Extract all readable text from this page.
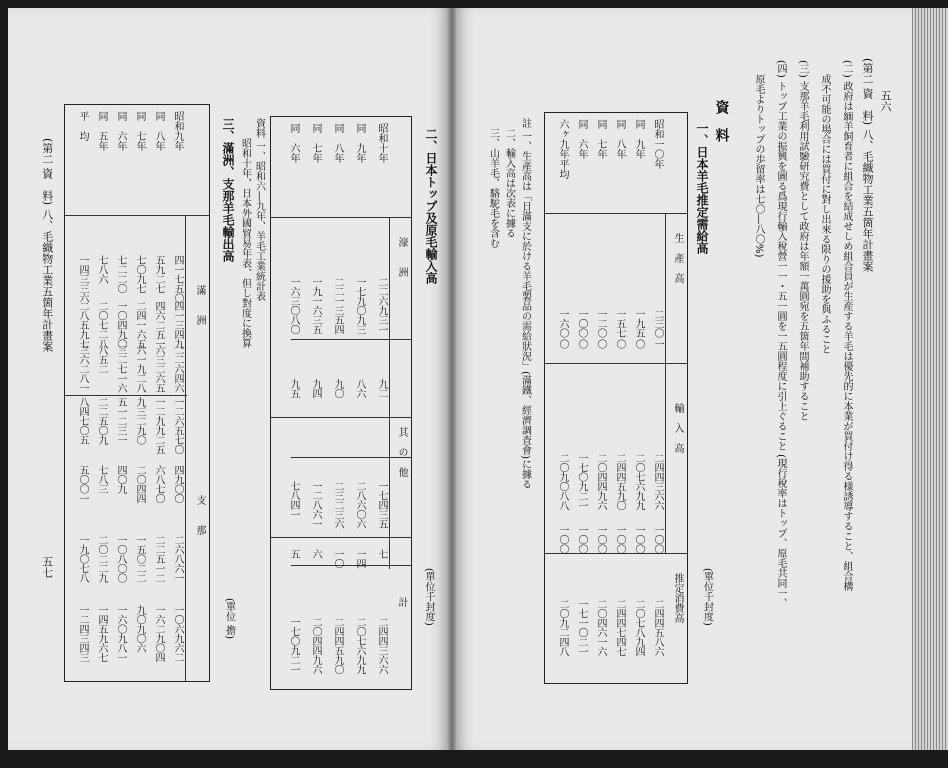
二、日本トップ及原毛輸入高
(單位千封度)
濠　　洲
其　の　他
計
昭和十年
二二六九三一
九二
一七四三五
七
二四四三六六
同　九年
一七九〇九三
八六
二八六〇六
一四
二〇七六九九
同　八年
二二一三五四
九〇
二三二三六
一〇
二四四五九〇
同　七年
一九一六三五
九四
一二八六一
六
二〇四四九六
同　六年
一六三〇八〇
九五
七八四一
五
一七〇九二一
資料 一、昭和六―九年、羊毛工業統計表
昭和十年、日本外國貿易年表、但し對度に換算
三、滿洲、支那羊毛輸出高
(單位 擔)
滿　　洲
支　　那
昭和九年
四一七五〇
四一三四九
二二六四六
一二六五七〇
四九〇〇
二六八六一
一〇六九六二
同　八年
五九二七
四六二五一
六三二六五
一二九九二五
六八七〇
二二五一二
一六二九〇四
同　七年
七〇九七
二四一六五
六一九二八
九三二九〇
二〇四四
一五〇二二
九〇九〇六
同　六年
七二二〇
一〇四九〇
三二七一六
五一二三一
四〇九
一〇八〇〇
一六〇九八一
同　五年
七八六
二〇七二八
八五二
二二五〇九
七八三
二〇二二九
一四五九六七
平　均
一四三三六
二八五九七
三六二八一
八四七〇五
五〇〇一
一九〇七八
一二四三四三
(第二 資　料) 八、毛織物工業五箇年計畫案
五七
(第二 資　料) 八、毛織物工業五箇年計畫案 五六
(二) 政府は緬羊飼育者に組合を結成せしめ組合員が生産する羊毛は優先的に本業が買付け得る様誘導すること、組合構
成不可能の場合には買付に對し出來る限りの援助を與ふること
(三) 支那羊毛利用試驗研究費として政府は年額一萬圓宛を五箇年間補助すること
(四) トップ工業の振興を圖る爲現行輸入稅營一一・五一圓を一五圓程度に引上ぐること (現行稅率はトップ、原毛共同一、
原毛よりトップの歩留率は七〇―八〇%)
資　料
一、日本羊毛推定需給高
(單位千封度)
生　產　高
輸　入　高
推定消費高
昭和一〇年
二三〇
一
二四四三六六
一〇〇
二四四五八六
同　九年
一九五
〇
二〇七六九九
一〇〇
二〇七八九四
同　八年
一五七
〇
二四四五九〇
一〇〇
二四四七四七
同　七年
一二〇
〇
二〇四四九六
一〇〇
二〇四六一六
同　六年
一〇〇
〇
一七〇九二一
一〇〇
一七一〇二一
六ヶ九年平均
一六〇
〇
二〇九〇八八
一〇〇
二〇九二四八
註 一、生產高は「日滿支に於ける羊毛製品の需給狀況」(滿鐵、經濟調査會)に據る
二、輸入高は次表に據る
三、山羊毛、駱駝毛を含む
